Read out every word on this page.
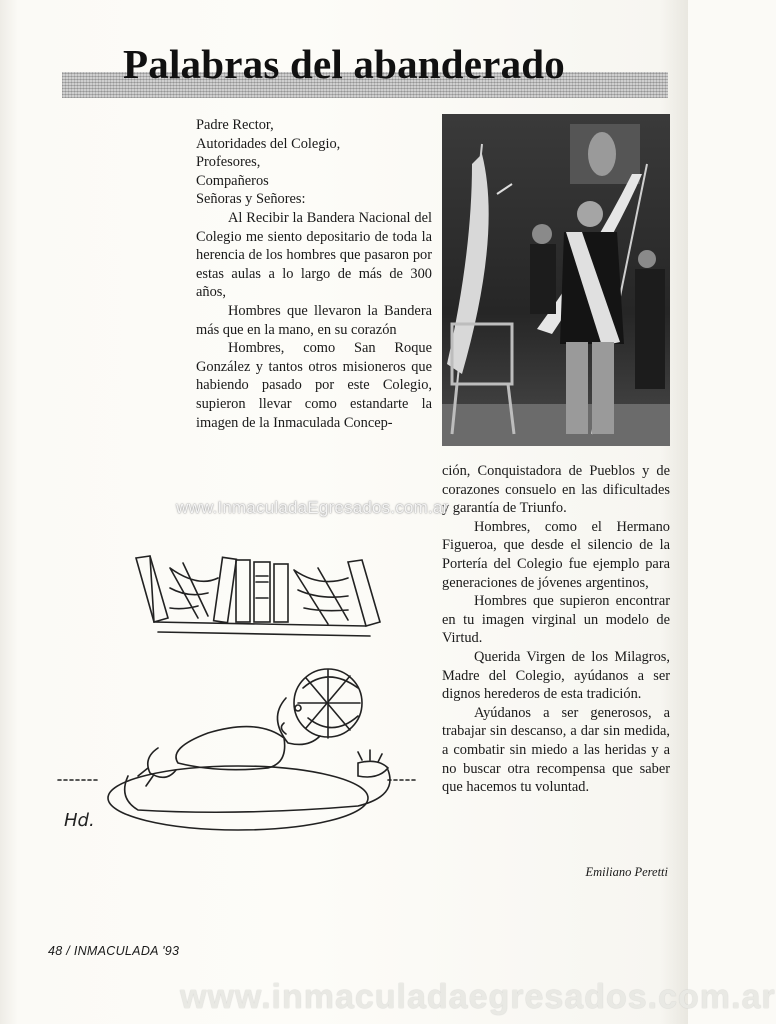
Palabras del abanderado

Padre Rector,

Autoridades del Colegio,

Profesores,

Compañeros

Señoras y Señores:

Al Recibir la Bandera Nacional del Colegio me siento depositario de toda la herencia de los hombres que pasaron por estas aulas a lo largo de más de 300 años,

Hombres que llevaron la Bandera más que en la mano, en su corazón

Hombres, como San Roque González y tantos otros misioneros que habiendo pasado por este Colegio, supieron llevar como estandarte la imagen de la Inmaculada Concep-

ción, Conquistadora de Pueblos y de corazones consuelo en las dificultades y garantía de Triunfo.

Hombres, como el Hermano Figueroa, que desde el silencio de la Portería del Colegio fue ejemplo para generaciones de jóvenes argentinos,

Hombres que supieron encontrar en tu imagen virginal un modelo de Virtud.

Querida Virgen de los Milagros, Madre del Colegio, ayúdanos a ser dignos herederos de esta tradición.

Ayúdanos a ser generosos, a trabajar sin descanso, a dar sin medida, a combatir sin miedo a las heridas y a no buscar otra recompensa que saber que hacemos tu voluntad.

Hd.
Emiliano Peretti
48 / INMACULADA '93
www.InmaculadaEgresados.com.ar
www.inmaculadaegresados.com.ar
